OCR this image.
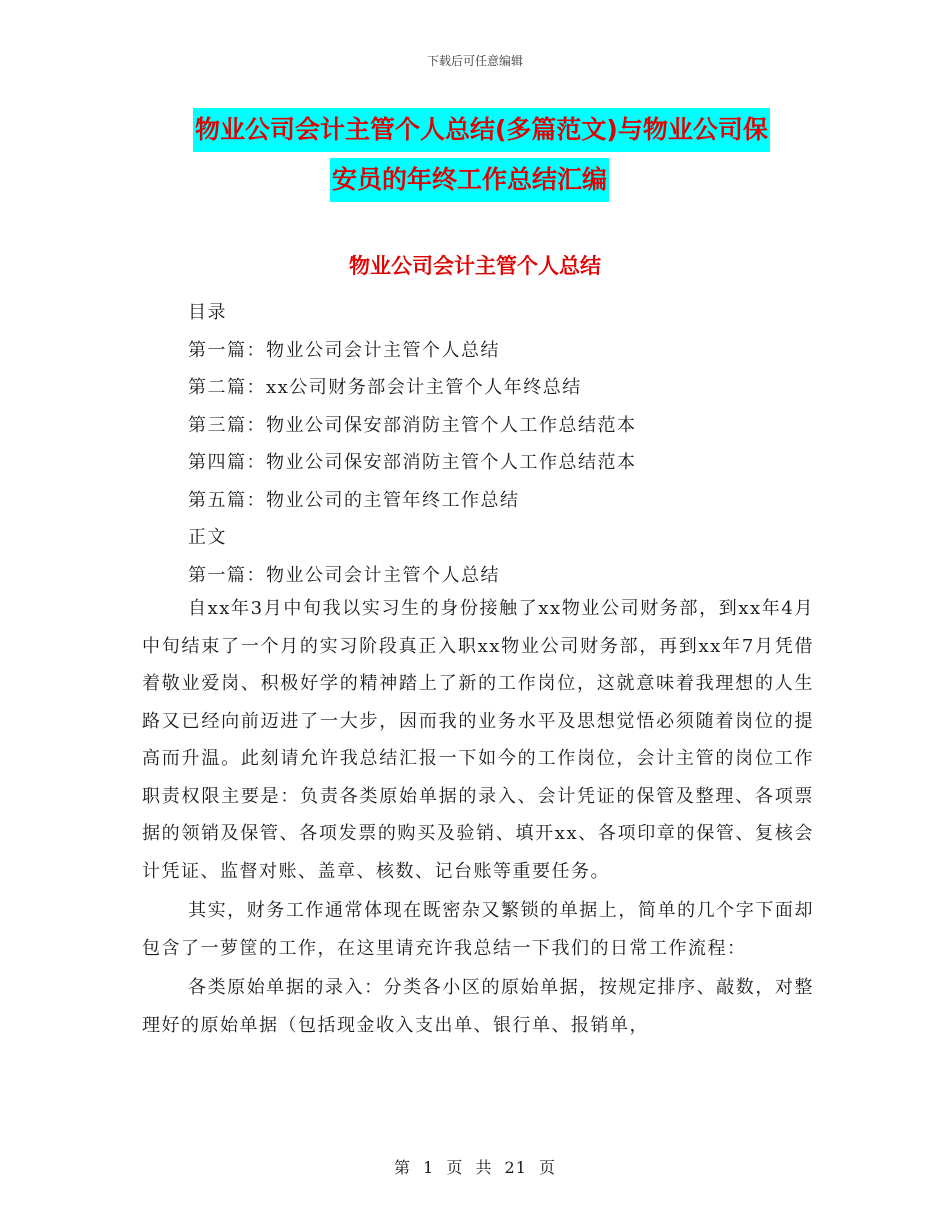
下载后可任意编辑
物业公司会计主管个人总结(多篇范文)与物业公司保
安员的年终工作总结汇编
物业公司会计主管个人总结
目录
第一篇：物业公司会计主管个人总结
第二篇：xx公司财务部会计主管个人年终总结
第三篇：物业公司保安部消防主管个人工作总结范本
第四篇：物业公司保安部消防主管个人工作总结范本
第五篇：物业公司的主管年终工作总结
正文
第一篇：物业公司会计主管个人总结

自xx年3月中旬我以实习生的身份接触了xx物业公司财务部，到xx年4月中旬结束了一个月的实习阶段真正入职xx物业公司财务部，再到xx年7月凭借着敬业爱岗、积极好学的精神踏上了新的工作岗位，这就意味着我理想的人生路又已经向前迈进了一大步，因而我的业务水平及思想觉悟必须随着岗位的提高而升温。此刻请允许我总结汇报一下如今的工作岗位，会计主管的岗位工作职责权限主要是：负责各类原始单据的录入、会计凭证的保管及整理、各项票据的领销及保管、各项发票的购买及验销、填开xx、各项印章的保管、复核会计凭证、监督对账、盖章、核数、记台账等重要任务。

其实，财务工作通常体现在既密杂又繁锁的单据上，简单的几个字下面却包含了一萝筐的工作，在这里请充许我总结一下我们的日常工作流程：

各类原始单据的录入：分类各小区的原始单据，按规定排序、敲数，对整理好的原始单据（包括现金收入支出单、银行单、报销单，

第 1 页 共 21 页
